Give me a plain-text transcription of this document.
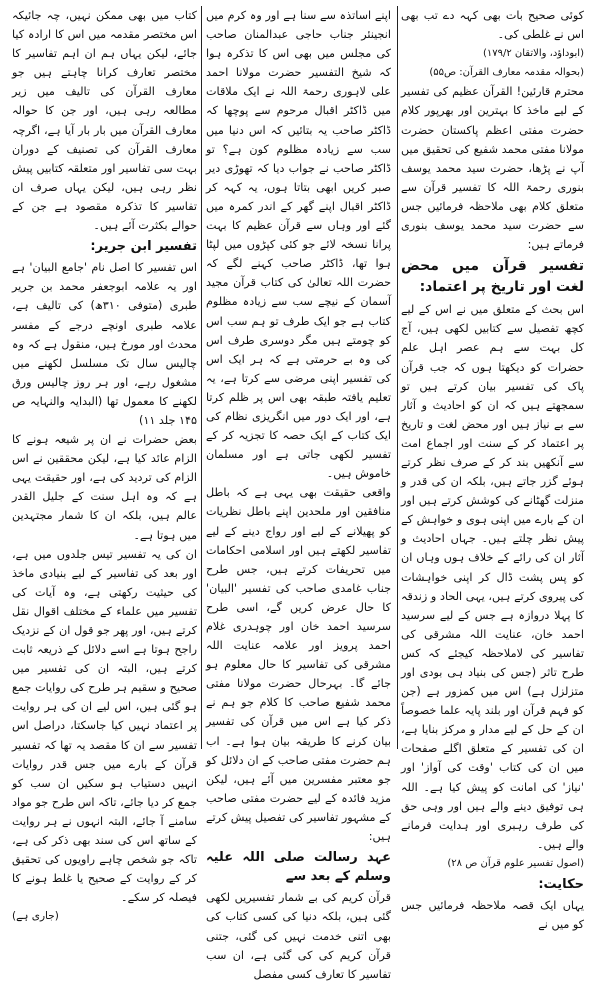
کوئی صحیح بات بھی کہہ دے تب بھی اس نے غلطی کی۔

(ابوداؤد، والاتقان ۱۷۹/۲)

(بحوالہ مقدمہ معارف القرآن: ص۵۵)

محترم قارئین! القرآن عظیم کی تفسیر کے لیے ماخذ کا بہترین اور بھرپور کلام حضرت مفتی اعظم پاکستان حضرت مولانا مفتی محمد شفیع کی تحقیق میں آپ نے پڑھا، حضرت سید محمد یوسف بنوری رحمۃ اللہ کا تفسیر قرآن سے متعلق کلام بھی ملاحظہ فرمائیں جس سے حضرت سید محمد یوسف بنوری فرماتے ہیں:

تفسیر قرآن میں محض لغت اور تاریخ پر اعتماد:

اس بحث کے متعلق میں نے اس کے لیے کچھ تفصیل سے کتابیں لکھی ہیں، آج کل بہت سے ہم عصر اہل علم حضرات کو دیکھتا ہوں کہ جب قرآن پاک کی تفسیر بیان کرتے ہیں تو سمجھتے ہیں کہ ان کو احادیث و آثار سے بے نیاز ہیں اور محض لغت و تاریخ پر اعتماد کر کے سنت اور اجماع امت سے آنکھیں بند کر کے صرف نظر کرتے ہوئے گزر جاتے ہیں، بلکہ ان کی قدر و منزلت گھٹانے کی کوشش کرتے ہیں اور ان کے بارے میں اپنی ہوی و خواہش کے پیش نظر چلتے ہیں۔ جہاں احادیث و آثار ان کی رائے کے خلاف ہوں وہاں ان کو پس پشت ڈال کر اپنی خواہشات کی پیروی کرتے ہیں، یہی الحاد و زندقہ کا پہلا دروازہ ہے جس کے لیے سرسید احمد خان، عنایت اللہ مشرقی کی تفاسیر کی لاملاحظہ کیجئے کہ کس طرح تاثر (جس کی بنیاد ہی بودی اور متزلزل ہے) اس میں کمزور ہے (جن کو فہم قرآن اور بلند پایہ علما خصوصاً ان کے حل کے لیے مدار و مرکز بنایا ہے، ان کی تفسیر کے متعلق اگلے صفحات میں ان کی کتاب 'وقت کی آواز' اور 'نیاز' کی امانت کو پیش کیا ہے۔ اللہ ہی توفیق دینے والے ہیں اور وہی حق کی طرف رہبری اور ہدایت فرمانے والے ہیں۔

(اصول تفسیر علوم قرآن ص ۲۸)

حکایت:

یہاں ایک قصہ ملاحظہ فرمائیں جس کو میں نے

اپنے اساتذہ سے سنا ہے اور وہ کرم میں انجینئر جناب حاجی عبدالمنان صاحب کی مجلس میں بھی اس کا تذکرہ ہوا کہ شیخ التفسیر حضرت مولانا احمد علی لاہوری رحمۃ اللہ نے ایک ملاقات میں ڈاکٹر اقبال مرحوم سے پوچھا کہ ڈاکٹر صاحب یہ بتائیں کہ اس دنیا میں سب سے زیادہ مظلوم کون ہے؟ تو ڈاکٹر صاحب نے جواب دیا کہ تھوڑی دیر صبر کریں ابھی بتاتا ہوں، یہ کہہ کر ڈاکٹر اقبال اپنے گھر کے اندر کمرہ میں گئے اور وہاں سے قرآن عظیم کا بہت پرانا نسخہ لائے جو کئی کپڑوں میں لپٹا ہوا تھا، ڈاکٹر صاحب کہنے لگے کہ حضرت اللہ تعالیٰ کی کتاب قرآن مجید آسمان کے نیچے سب سے زیادہ مظلوم کتاب ہے جو ایک طرف تو ہم سب اس کو چومتے ہیں مگر دوسری طرف اس کی وہ بے حرمتی ہے کہ ہر ایک اس کی تفسیر اپنی مرضی سے کرتا ہے، یہ تعلیم یافتہ طبقہ بھی اس پر ظلم کرتا ہے، اور ایک دور میں انگریزی نظام کی ایک کتاب کے ایک حصہ کا تجزیہ کر کے تفسیر لکھی جاتی ہے اور مسلمان خاموش ہیں۔

واقعی حقیقت بھی یہی ہے کہ باطل منافقین اور ملحدین اپنے باطل نظریات کو پھیلانے کے لیے اور رواج دینے کے لیے تفاسیر لکھتے ہیں اور اسلامی احکامات میں تحریفات کرتے ہیں، جس طرح جناب غامدی صاحب کی تفسیر 'البیان' کا حال عرض کریں گے، اسی طرح سرسید احمد خان اور چوہدری غلام احمد پرویز اور علامہ عنایت اللہ مشرقی کی تفاسیر کا حال معلوم ہو جائے گا۔ بہرحال حضرت مولانا مفتی محمد شفیع صاحب کا کلام جو ہم نے ذکر کیا ہے اس میں قرآن کی تفسیر بیان کرنے کا طریقہ بیان ہوا ہے۔ اب ہم حضرت مفتی صاحب کے ان دلائل کو جو معتبر مفسرین میں آئے ہیں، لیکن مزید فائدہ کے لیے حضرت مفتی صاحب کے مشہور تفاسیر کی تفصیل پیش کرتے ہیں:

عہد رسالت صلی اللہ علیہ وسلم کے بعد سے

قرآن کریم کی بے شمار تفسیریں لکھی گئی ہیں، بلکہ دنیا کی کسی کتاب کی بھی اتنی خدمت نہیں کی گئی، جتنی قرآن کریم کی کی گئی ہے، ان سب تفاسیر کا تعارف کسی مفصل

کتاب میں بھی ممکن نہیں، چہ جائیکہ اس مختصر مقدمہ میں اس کا ارادہ کیا جائے، لیکن یہاں ہم ان اہم تفاسیر کا مختصر تعارف کرانا چاہتے ہیں جو معارف القرآن کی تالیف میں زیر مطالعہ رہی ہیں، اور جن کا حوالہ معارف القرآن میں بار بار آیا ہے، اگرچہ معارف القرآن کی تصنیف کے دوران بہت سی تفاسیر اور متعلقہ کتابیں پیش نظر رہی ہیں، لیکن یہاں صرف ان تفاسیر کا تذکرہ مقصود ہے جن کے حوالے بکثرت آئے ہیں۔

تفسیر ابن جریر:

اس تفسیر کا اصل نام 'جامع البیان' ہے اور یہ علامہ ابوجعفر محمد بن جریر طبری (متوفی ۳۱۰ھ) کی تالیف ہے، علامہ طبری اونچے درجے کے مفسر محدث اور مورخ ہیں، منقول ہے کہ وہ چالیس سال تک مسلسل لکھنے میں مشغول رہے، اور ہر روز چالیس ورق لکھنے کا معمول تھا (البدایہ والنہایہ ص ۱۴۵ جلد ۱۱)

بعض حضرات نے ان پر شیعہ ہونے کا الزام عائد کیا ہے، لیکن محققین نے اس الزام کی تردید کی ہے، اور حقیقت یہی ہے کہ وہ اہل سنت کے جلیل القدر عالم ہیں، بلکہ ان کا شمار مجتہدین میں ہوتا ہے۔

ان کی یہ تفسیر تیس جلدوں میں ہے، اور بعد کی تفاسیر کے لیے بنیادی ماخذ کی حیثیت رکھتی ہے، وہ آیات کی تفسیر میں علماء کے مختلف اقوال نقل کرتے ہیں، اور پھر جو قول ان کے نزدیک راجح ہوتا ہے اسے دلائل کے ذریعہ ثابت کرتے ہیں، البتہ ان کی تفسیر میں صحیح و سقیم ہر طرح کی روایات جمع ہو گئی ہیں، اس لیے ان کی ہر روایت پر اعتماد نہیں کیا جاسکتا، دراصل اس تفسیر سے ان کا مقصد یہ تھا کہ تفسیر قرآن کے بارے میں جس قدر روایات انہیں دستیاب ہو سکیں ان سب کو جمع کر دیا جائے، تاکہ اس طرح جو مواد سامنے آ جائے، البتہ انہوں نے ہر روایت کے ساتھ اس کی سند بھی ذکر کی ہے، تاکہ جو شخص چاہے راویوں کی تحقیق کر کے روایت کے صحیح یا غلط ہونے کا فیصلہ کر سکے۔

(جاری ہے)
